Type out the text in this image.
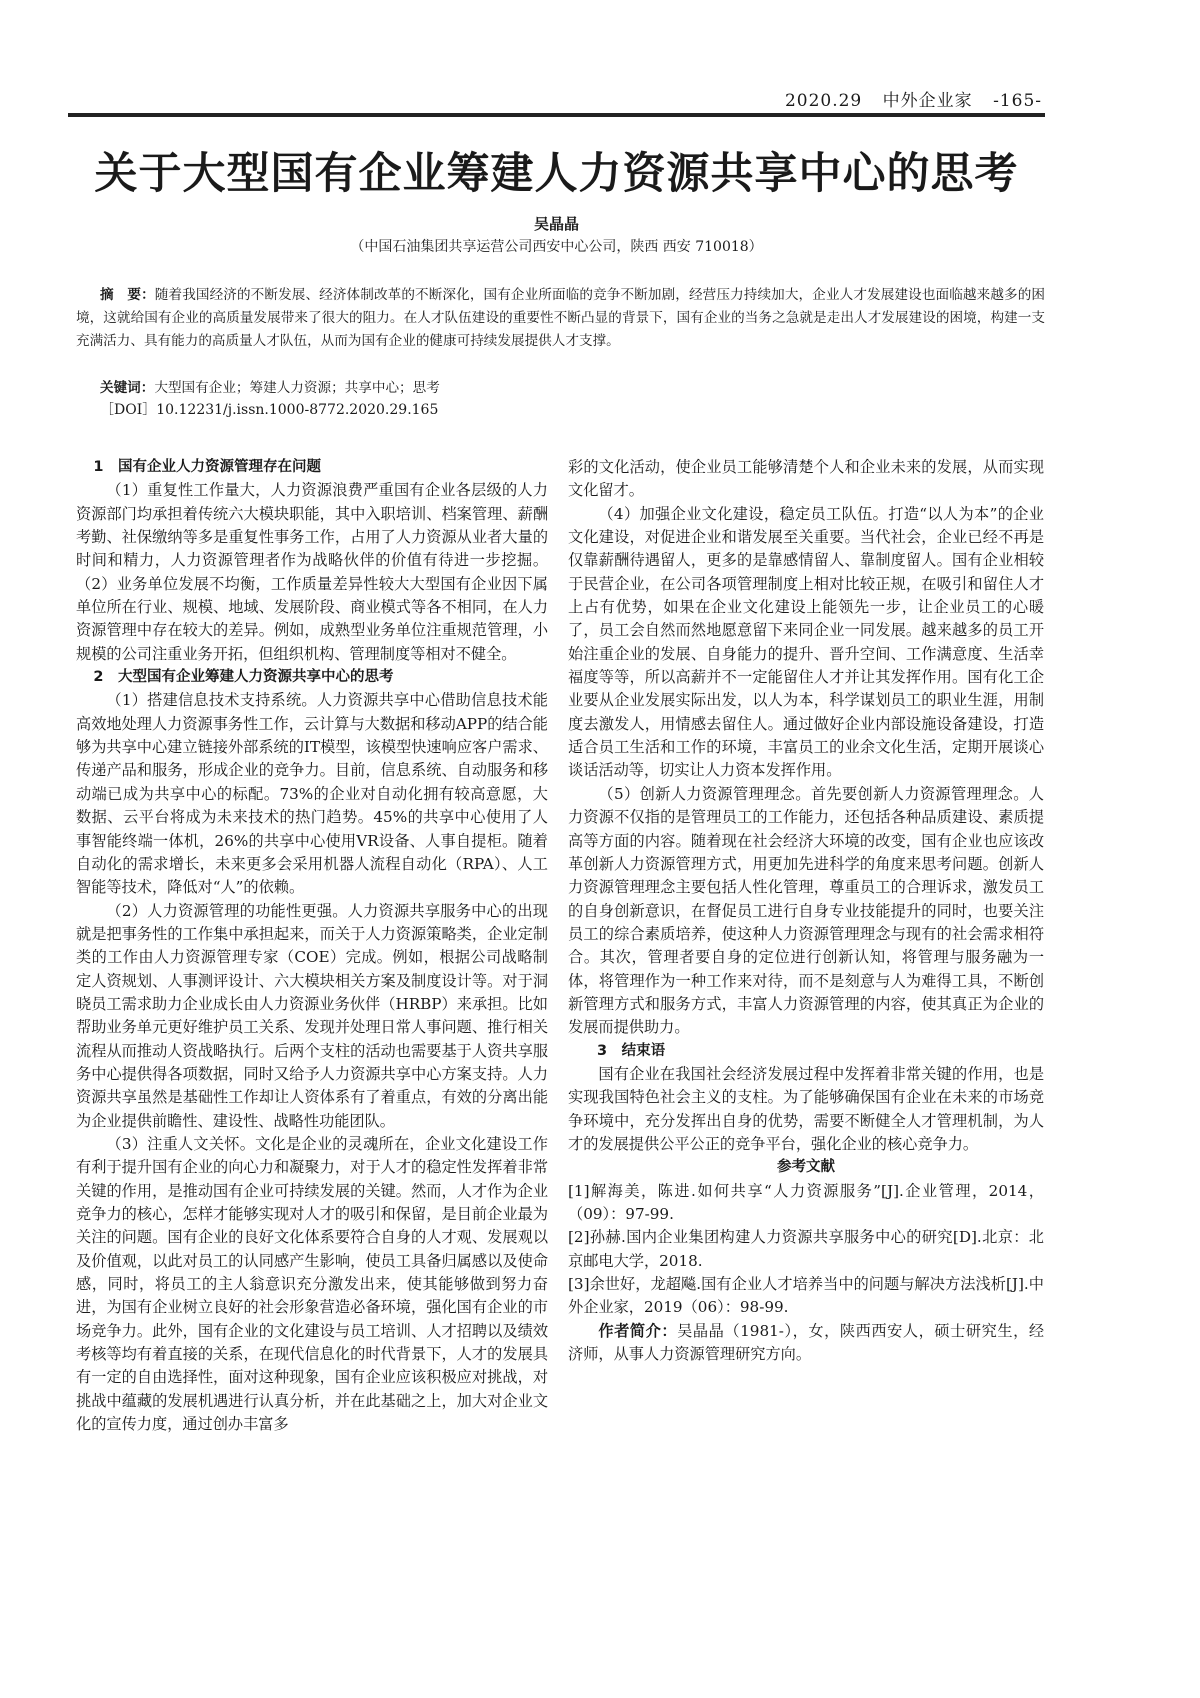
2020.29 中外企业家 -165-
关于大型国有企业筹建人力资源共享中心的思考
吴晶晶
（中国石油集团共享运营公司西安中心公司，陕西 西安 710018）

摘　要：随着我国经济的不断发展、经济体制改革的不断深化，国有企业所面临的竞争不断加剧，经营压力持续加大，企业人才发展建设也面临越来越多的困境，这就给国有企业的高质量发展带来了很大的阻力。在人才队伍建设的重要性不断凸显的背景下，国有企业的当务之急就是走出人才发展建设的困境，构建一支充满活力、具有能力的高质量人才队伍，从而为国有企业的健康可持续发展提供人才支撑。

关键词：大型国有企业；筹建人力资源；共享中心；思考
［DOI］10.12231/j.issn.1000-8772.2020.29.165
1　国有企业人力资源管理存在问题

（1）重复性工作量大，人力资源浪费严重国有企业各层级的人力资源部门均承担着传统六大模块职能，其中入职培训、档案管理、薪酬考勤、社保缴纳等多是重复性事务工作，占用了人力资源从业者大量的时间和精力，人力资源管理者作为战略伙伴的价值有待进一步挖掘。（2）业务单位发展不均衡，工作质量差异性较大大型国有企业因下属单位所在行业、规模、地域、发展阶段、商业模式等各不相同，在人力资源管理中存在较大的差异。例如，成熟型业务单位注重规范管理，小规模的公司注重业务开拓，但组织机构、管理制度等相对不健全。

2　大型国有企业筹建人力资源共享中心的思考

（1）搭建信息技术支持系统。人力资源共享中心借助信息技术能高效地处理人力资源事务性工作，云计算与大数据和移动APP的结合能够为共享中心建立链接外部系统的IT模型，该模型快速响应客户需求、传递产品和服务，形成企业的竞争力。目前，信息系统、自动服务和移动端已成为共享中心的标配。73%的企业对自动化拥有较高意愿，大数据、云平台将成为未来技术的热门趋势。45%的共享中心使用了人事智能终端一体机，26%的共享中心使用VR设备、人事自提柜。随着自动化的需求增长，未来更多会采用机器人流程自动化（RPA）、人工智能等技术，降低对“人”的依赖。

（2）人力资源管理的功能性更强。人力资源共享服务中心的出现就是把事务性的工作集中承担起来，而关于人力资源策略类，企业定制类的工作由人力资源管理专家（COE）完成。例如，根据公司战略制定人资规划、人事测评设计、六大模块相关方案及制度设计等。对于洞晓员工需求助力企业成长由人力资源业务伙伴（HRBP）来承担。比如帮助业务单元更好维护员工关系、发现并处理日常人事问题、推行相关流程从而推动人资战略执行。后两个支柱的活动也需要基于人资共享服务中心提供得各项数据，同时又给予人力资源共享中心方案支持。人力资源共享虽然是基础性工作却让人资体系有了着重点，有效的分离出能为企业提供前瞻性、建设性、战略性功能团队。

（3）注重人文关怀。文化是企业的灵魂所在，企业文化建设工作有利于提升国有企业的向心力和凝聚力，对于人才的稳定性发挥着非常关键的作用，是推动国有企业可持续发展的关键。然而，人才作为企业竞争力的核心，怎样才能够实现对人才的吸引和保留，是目前企业最为关注的问题。国有企业的良好文化体系要符合自身的人才观、发展观以及价值观，以此对员工的认同感产生影响，使员工具备归属感以及使命感，同时，将员工的主人翁意识充分激发出来，使其能够做到努力奋进，为国有企业树立良好的社会形象营造必备环境，强化国有企业的市场竞争力。此外，国有企业的文化建设与员工培训、人才招聘以及绩效考核等均有着直接的关系，在现代信息化的时代背景下，人才的发展具有一定的自由选择性，面对这种现象，国有企业应该积极应对挑战，对挑战中蕴藏的发展机遇进行认真分析，并在此基础之上，加大对企业文化的宣传力度，通过创办丰富多

彩的文化活动，使企业员工能够清楚个人和企业未来的发展，从而实现文化留才。

（4）加强企业文化建设，稳定员工队伍。打造“以人为本”的企业文化建设，对促进企业和谐发展至关重要。当代社会，企业已经不再是仅靠薪酬待遇留人，更多的是靠感情留人、靠制度留人。国有企业相较于民营企业，在公司各项管理制度上相对比较正规，在吸引和留住人才上占有优势，如果在企业文化建设上能领先一步，让企业员工的心暖了，员工会自然而然地愿意留下来同企业一同发展。越来越多的员工开始注重企业的发展、自身能力的提升、晋升空间、工作满意度、生活幸福度等等，所以高薪并不一定能留住人才并让其发挥作用。国有化工企业要从企业发展实际出发，以人为本，科学谋划员工的职业生涯，用制度去激发人，用情感去留住人。通过做好企业内部设施设备建设，打造适合员工生活和工作的环境，丰富员工的业余文化生活，定期开展谈心谈话活动等，切实让人力资本发挥作用。

（5）创新人力资源管理理念。首先要创新人力资源管理理念。人力资源不仅指的是管理员工的工作能力，还包括各种品质建设、素质提高等方面的内容。随着现在社会经济大环境的改变，国有企业也应该改革创新人力资源管理方式，用更加先进科学的角度来思考问题。创新人力资源管理理念主要包括人性化管理，尊重员工的合理诉求，激发员工的自身创新意识，在督促员工进行自身专业技能提升的同时，也要关注员工的综合素质培养，使这种人力资源管理理念与现有的社会需求相符合。其次，管理者要自身的定位进行创新认知，将管理与服务融为一体，将管理作为一种工作来对待，而不是刻意与人为难得工具，不断创新管理方式和服务方式，丰富人力资源管理的内容，使其真正为企业的发展而提供助力。

3　结束语

国有企业在我国社会经济发展过程中发挥着非常关键的作用，也是实现我国特色社会主义的支柱。为了能够确保国有企业在未来的市场竞争环境中，充分发挥出自身的优势，需要不断健全人才管理机制，为人才的发展提供公平公正的竞争平台，强化企业的核心竞争力。

参考文献

[1]解海美，陈进.如何共享“人力资源服务”[J].企业管理，2014，（09）：97-99.

[2]孙赫.国内企业集团构建人力资源共享服务中心的研究[D].北京：北京邮电大学，2018.

[3]余世好，龙超飚.国有企业人才培养当中的问题与解决方法浅析[J].中外企业家，2019（06）：98-99.

作者简介：吴晶晶（1981-），女，陕西西安人，硕士研究生，经济师，从事人力资源管理研究方向。
